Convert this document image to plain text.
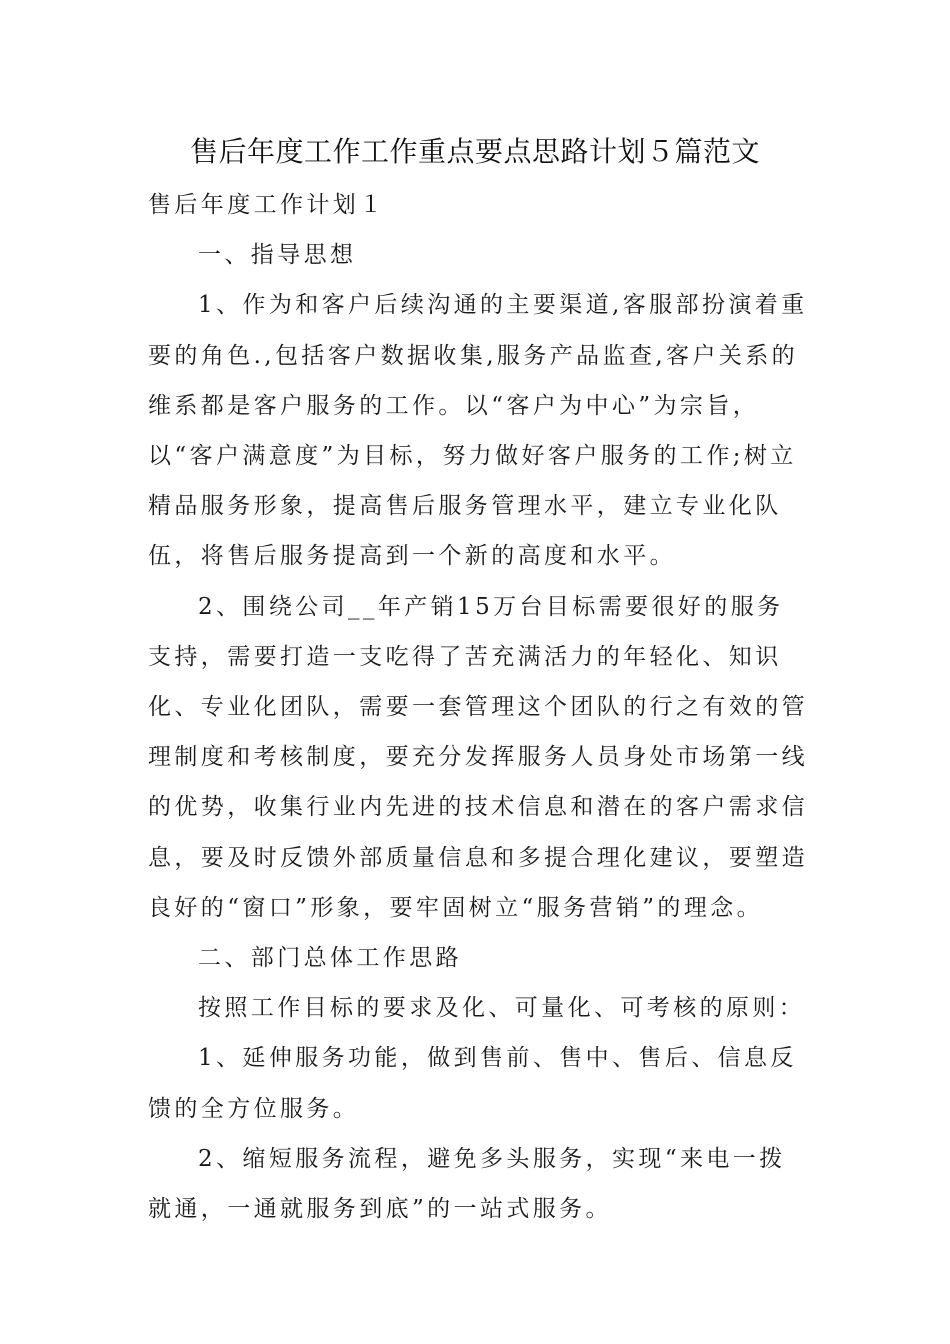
售后年度工作工作重点要点思路计划５篇范文

售后年度工作计划１

一、指导思想

1、作为和客户后续沟通的主要渠道,客服部扮演着重要的角色.,包括客户数据收集,服务产品监查,客户关系的维系都是客户服务的工作。以“客户为中心”为宗旨，以“客户满意度”为目标，努力做好客户服务的工作;树立精品服务形象，提高售后服务管理水平，建立专业化队伍，将售后服务提高到一个新的高度和水平。

2、围绕公司__年产销15万台目标需要很好的服务支持，需要打造一支吃得了苦充满活力的年轻化、知识化、专业化团队，需要一套管理这个团队的行之有效的管理制度和考核制度，要充分发挥服务人员身处市场第一线的优势，收集行业内先进的技术信息和潜在的客户需求信息，要及时反馈外部质量信息和多提合理化建议，要塑造良好的“窗口”形象，要牢固树立“服务营销”的理念。

二、部门总体工作思路

按照工作目标的要求及化、可量化、可考核的原则：

1、延伸服务功能，做到售前、售中、售后、信息反馈的全方位服务。

2、缩短服务流程，避免多头服务，实现“来电一拨就通，一通就服务到底”的一站式服务。
